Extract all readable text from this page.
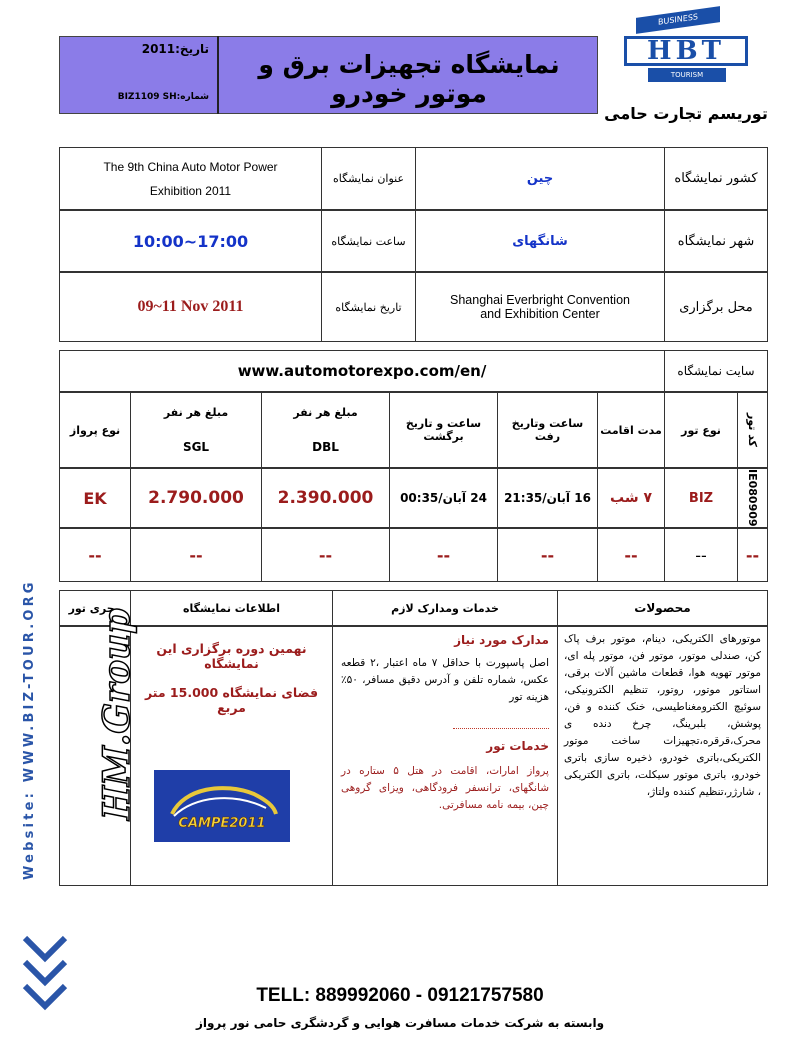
تاریخ:2011
شماره:BIZ1109 SH
نمایشگاه تجهیزات برق و موتور خودرو
BUSINESS
HBT
TOURISM
توریسم تجارت حامی
کشور نمایشگاه
چین
عنوان نمایشگاه
The 9th China Auto Motor Power
Exhibition 2011
شهر نمایشگاه
شانگهای
ساعت نمایشگاه
10:00~17:00
محل برگزاری
Shanghai Everbright Convention
and Exhibition Center
تاریخ نمایشگاه
09~11 Nov 2011
سایت نمایشگاه
www.automotorexpo.com/en/
کد تور
نوع تور
مدت اقامت
ساعت وتاریخ رفت
ساعت و تاریخ برگشت
مبلغ هر نفر
DBL
مبلغ هر نفر
SGL
نوع پرواز
IE080909
BIZ
۷ شب
16 آبان/21:35
24 آبان/00:35
2.390.000
2.790.000
EK
--
--
--
--
--
--
--
--
محصولات
خدمات ومدارک لازم
اطلاعات نمایشگاه
مجری تور
موتورهای الکتریکی، دینام، موتور برف پاک کن، صندلی موتور، موتور فن، موتور پله ای، موتور تهویه هوا، قطعات ماشین آلات برقی، استاتور موتور، روتور، تنظیم الکترونیکی، سوئیچ الکترومغناطیسی، خنک کننده و فن، پوشش، بلبرینگ، چرخ دنده ی محرک،قرقره،تجهیزات ساخت موتور الکتریکی،باتری خودرو، ذخیره سازی باتری خودرو، باتری موتور سیکلت، باتری الکتریکی ، شارژر،تنظیم کننده ولتاژ،
مدارک مورد نیاز
اصل پاسپورت با حداقل ۷ ماه اعتبار ،۲ قطعه عکس، شماره تلفن و آدرس دقیق مسافر، ۵۰٪ هزینه تور
خدمات تور
پرواز امارات، اقامت در هتل ۵ ستاره در شانگهای، ترانسفر فرودگاهی، ویزای گروهی چین، بیمه نامه مسافرتی.
نهمین دوره برگزاری این نمایشگاه
فضای نمایشگاه 15.000 متر مربع
CAMPE2011
HM.Group
Website: WWW.BIZ-TOUR.ORG
TELL: 889992060 - 09121757580
وابسته به شرکت خدمات مسافرت هوایی و گردشگری حامی نور پرواز
